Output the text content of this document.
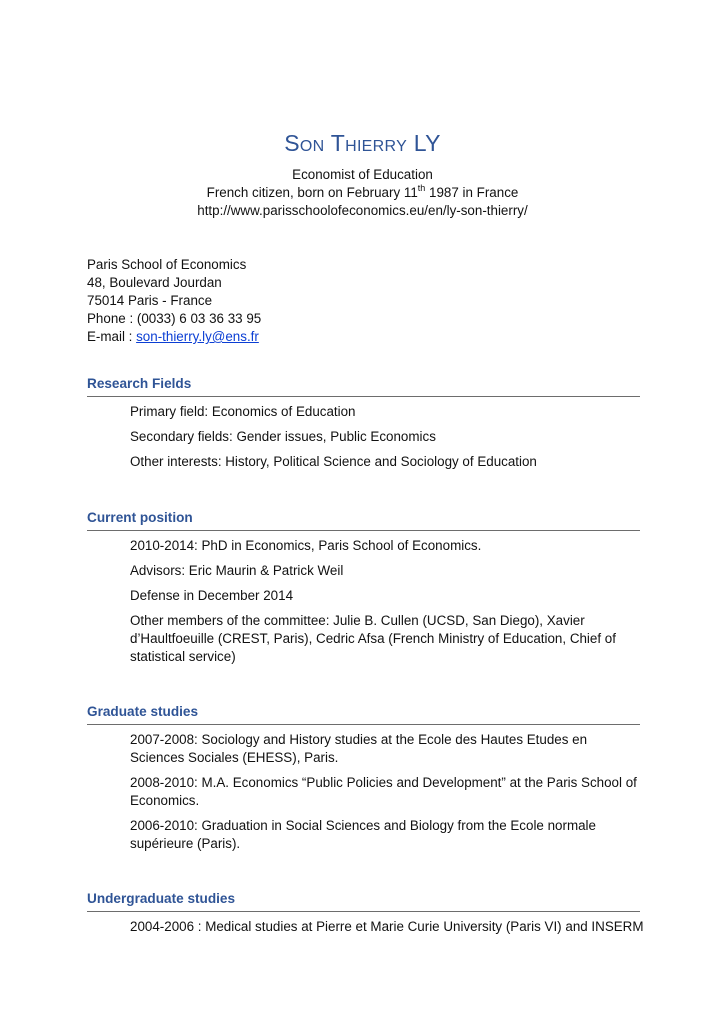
Son Thierry LY
Economist of Education
French citizen, born on February 11th 1987 in France
http://www.parisschoolofeconomics.eu/en/ly-son-thierry/
Paris School of Economics
48, Boulevard Jourdan
75014 Paris - France
Phone : (0033) 6 03 36 33 95
E-mail : son-thierry.ly@ens.fr
Research Fields
Primary field: Economics of Education
Secondary fields: Gender issues, Public Economics
Other interests: History, Political Science and Sociology of Education
Current position
2010-2014: PhD in Economics, Paris School of Economics.
Advisors: Eric Maurin & Patrick Weil
Defense in December 2014
Other members of the committee: Julie B. Cullen (UCSD, San Diego), Xavier d’Haultfoeuille (CREST, Paris), Cedric Afsa (French Ministry of Education, Chief of statistical service)
Graduate studies
2007-2008: Sociology and History studies at the Ecole des Hautes Etudes en Sciences Sociales (EHESS), Paris.
2008-2010: M.A. Economics “Public Policies and Development” at the Paris School of Economics.
2006-2010: Graduation in Social Sciences and Biology from the Ecole normale supérieure (Paris).
Undergraduate studies
2004-2006 : Medical studies at Pierre et Marie Curie University (Paris VI) and INSERM
